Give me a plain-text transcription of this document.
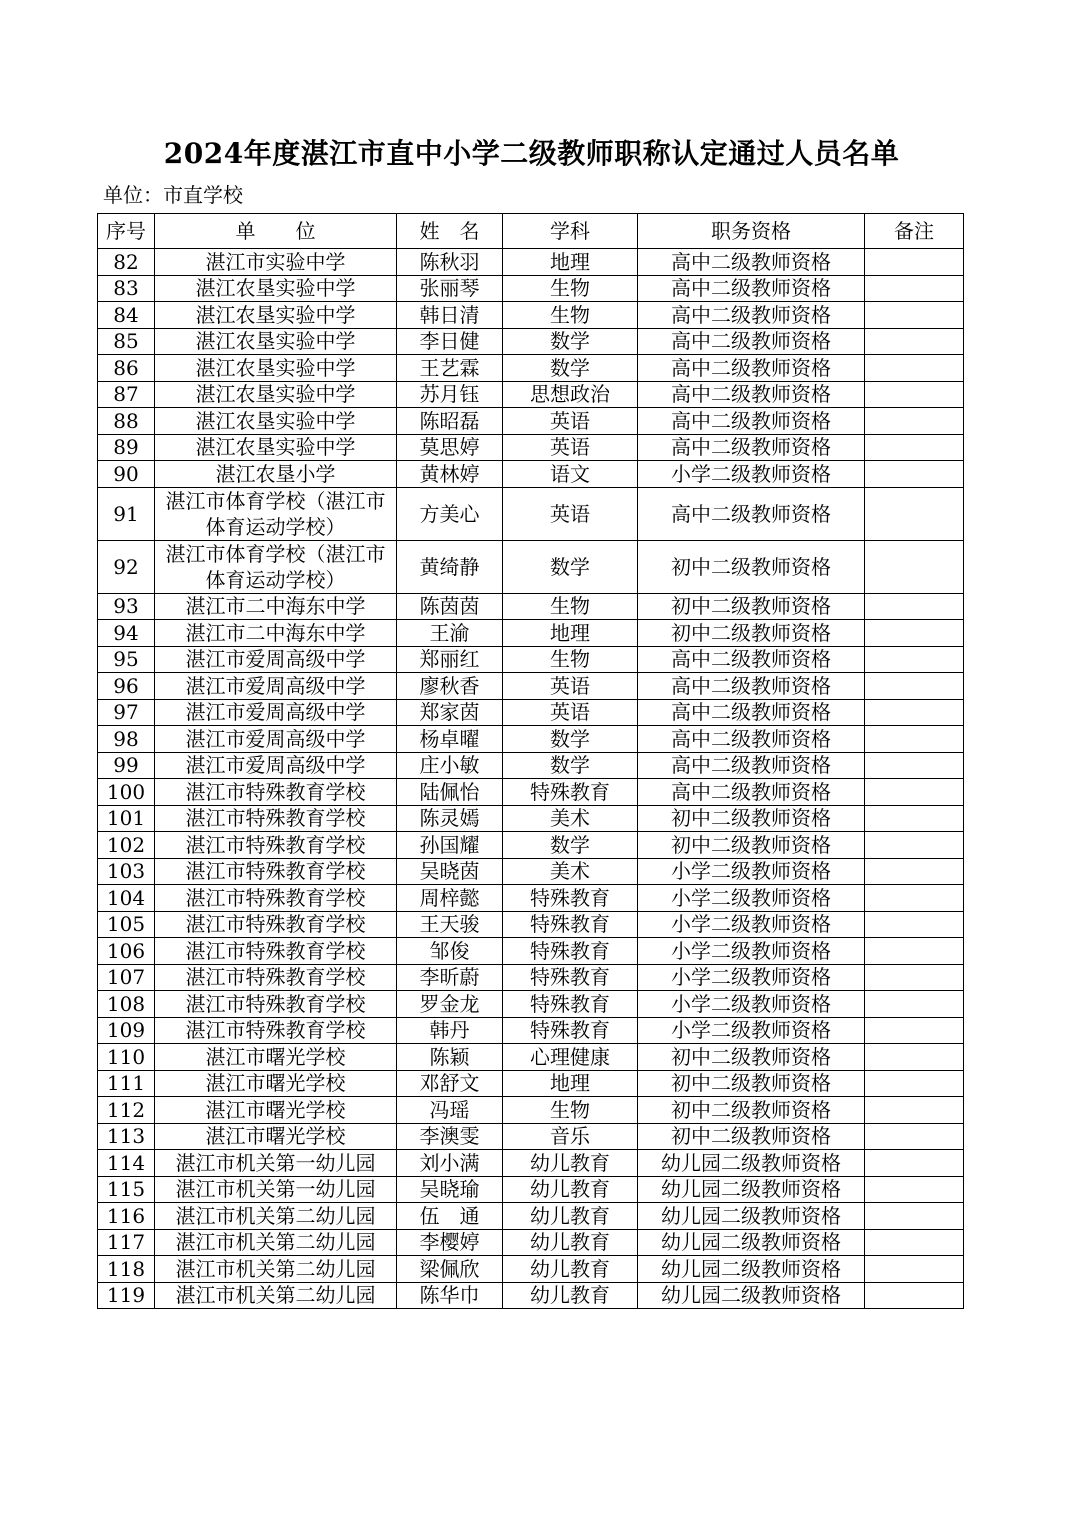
2024年度湛江市直中小学二级教师职称认定通过人员名单
单位：市直学校
序号	单　　位	姓　名	学科	职务资格	备注
82	湛江市实验中学	陈秋羽	地理	高中二级教师资格	
83	湛江农垦实验中学	张丽琴	生物	高中二级教师资格	
84	湛江农垦实验中学	韩日清	生物	高中二级教师资格	
85	湛江农垦实验中学	李日健	数学	高中二级教师资格	
86	湛江农垦实验中学	王艺霖	数学	高中二级教师资格	
87	湛江农垦实验中学	苏月钰	思想政治	高中二级教师资格	
88	湛江农垦实验中学	陈昭磊	英语	高中二级教师资格	
89	湛江农垦实验中学	莫思婷	英语	高中二级教师资格	
90	湛江农垦小学	黄林婷	语文	小学二级教师资格	
91	湛江市体育学校（湛江市体育运动学校）	方美心	英语	高中二级教师资格	
92	湛江市体育学校（湛江市体育运动学校）	黄绮静	数学	初中二级教师资格	
93	湛江市二中海东中学	陈茵茵	生物	初中二级教师资格	
94	湛江市二中海东中学	王渝	地理	初中二级教师资格	
95	湛江市爱周高级中学	郑丽红	生物	高中二级教师资格	
96	湛江市爱周高级中学	廖秋香	英语	高中二级教师资格	
97	湛江市爱周高级中学	郑家茵	英语	高中二级教师资格	
98	湛江市爱周高级中学	杨卓曜	数学	高中二级教师资格	
99	湛江市爱周高级中学	庄小敏	数学	高中二级教师资格	
100	湛江市特殊教育学校	陆佩怡	特殊教育	高中二级教师资格	
101	湛江市特殊教育学校	陈灵嫣	美术	初中二级教师资格	
102	湛江市特殊教育学校	孙国耀	数学	初中二级教师资格	
103	湛江市特殊教育学校	吴晓茵	美术	小学二级教师资格	
104	湛江市特殊教育学校	周梓懿	特殊教育	小学二级教师资格	
105	湛江市特殊教育学校	王天骏	特殊教育	小学二级教师资格	
106	湛江市特殊教育学校	邹俊	特殊教育	小学二级教师资格	
107	湛江市特殊教育学校	李昕蔚	特殊教育	小学二级教师资格	
108	湛江市特殊教育学校	罗金龙	特殊教育	小学二级教师资格	
109	湛江市特殊教育学校	韩丹	特殊教育	小学二级教师资格	
110	湛江市曙光学校	陈颖	心理健康	初中二级教师资格	
111	湛江市曙光学校	邓舒文	地理	初中二级教师资格	
112	湛江市曙光学校	冯瑶	生物	初中二级教师资格	
113	湛江市曙光学校	李澳雯	音乐	初中二级教师资格	
114	湛江市机关第一幼儿园	刘小满	幼儿教育	幼儿园二级教师资格	
115	湛江市机关第一幼儿园	吴晓瑜	幼儿教育	幼儿园二级教师资格	
116	湛江市机关第二幼儿园	伍　通	幼儿教育	幼儿园二级教师资格	
117	湛江市机关第二幼儿园	李樱婷	幼儿教育	幼儿园二级教师资格	
118	湛江市机关第二幼儿园	梁佩欣	幼儿教育	幼儿园二级教师资格	
119	湛江市机关第二幼儿园	陈华巾	幼儿教育	幼儿园二级教师资格	
